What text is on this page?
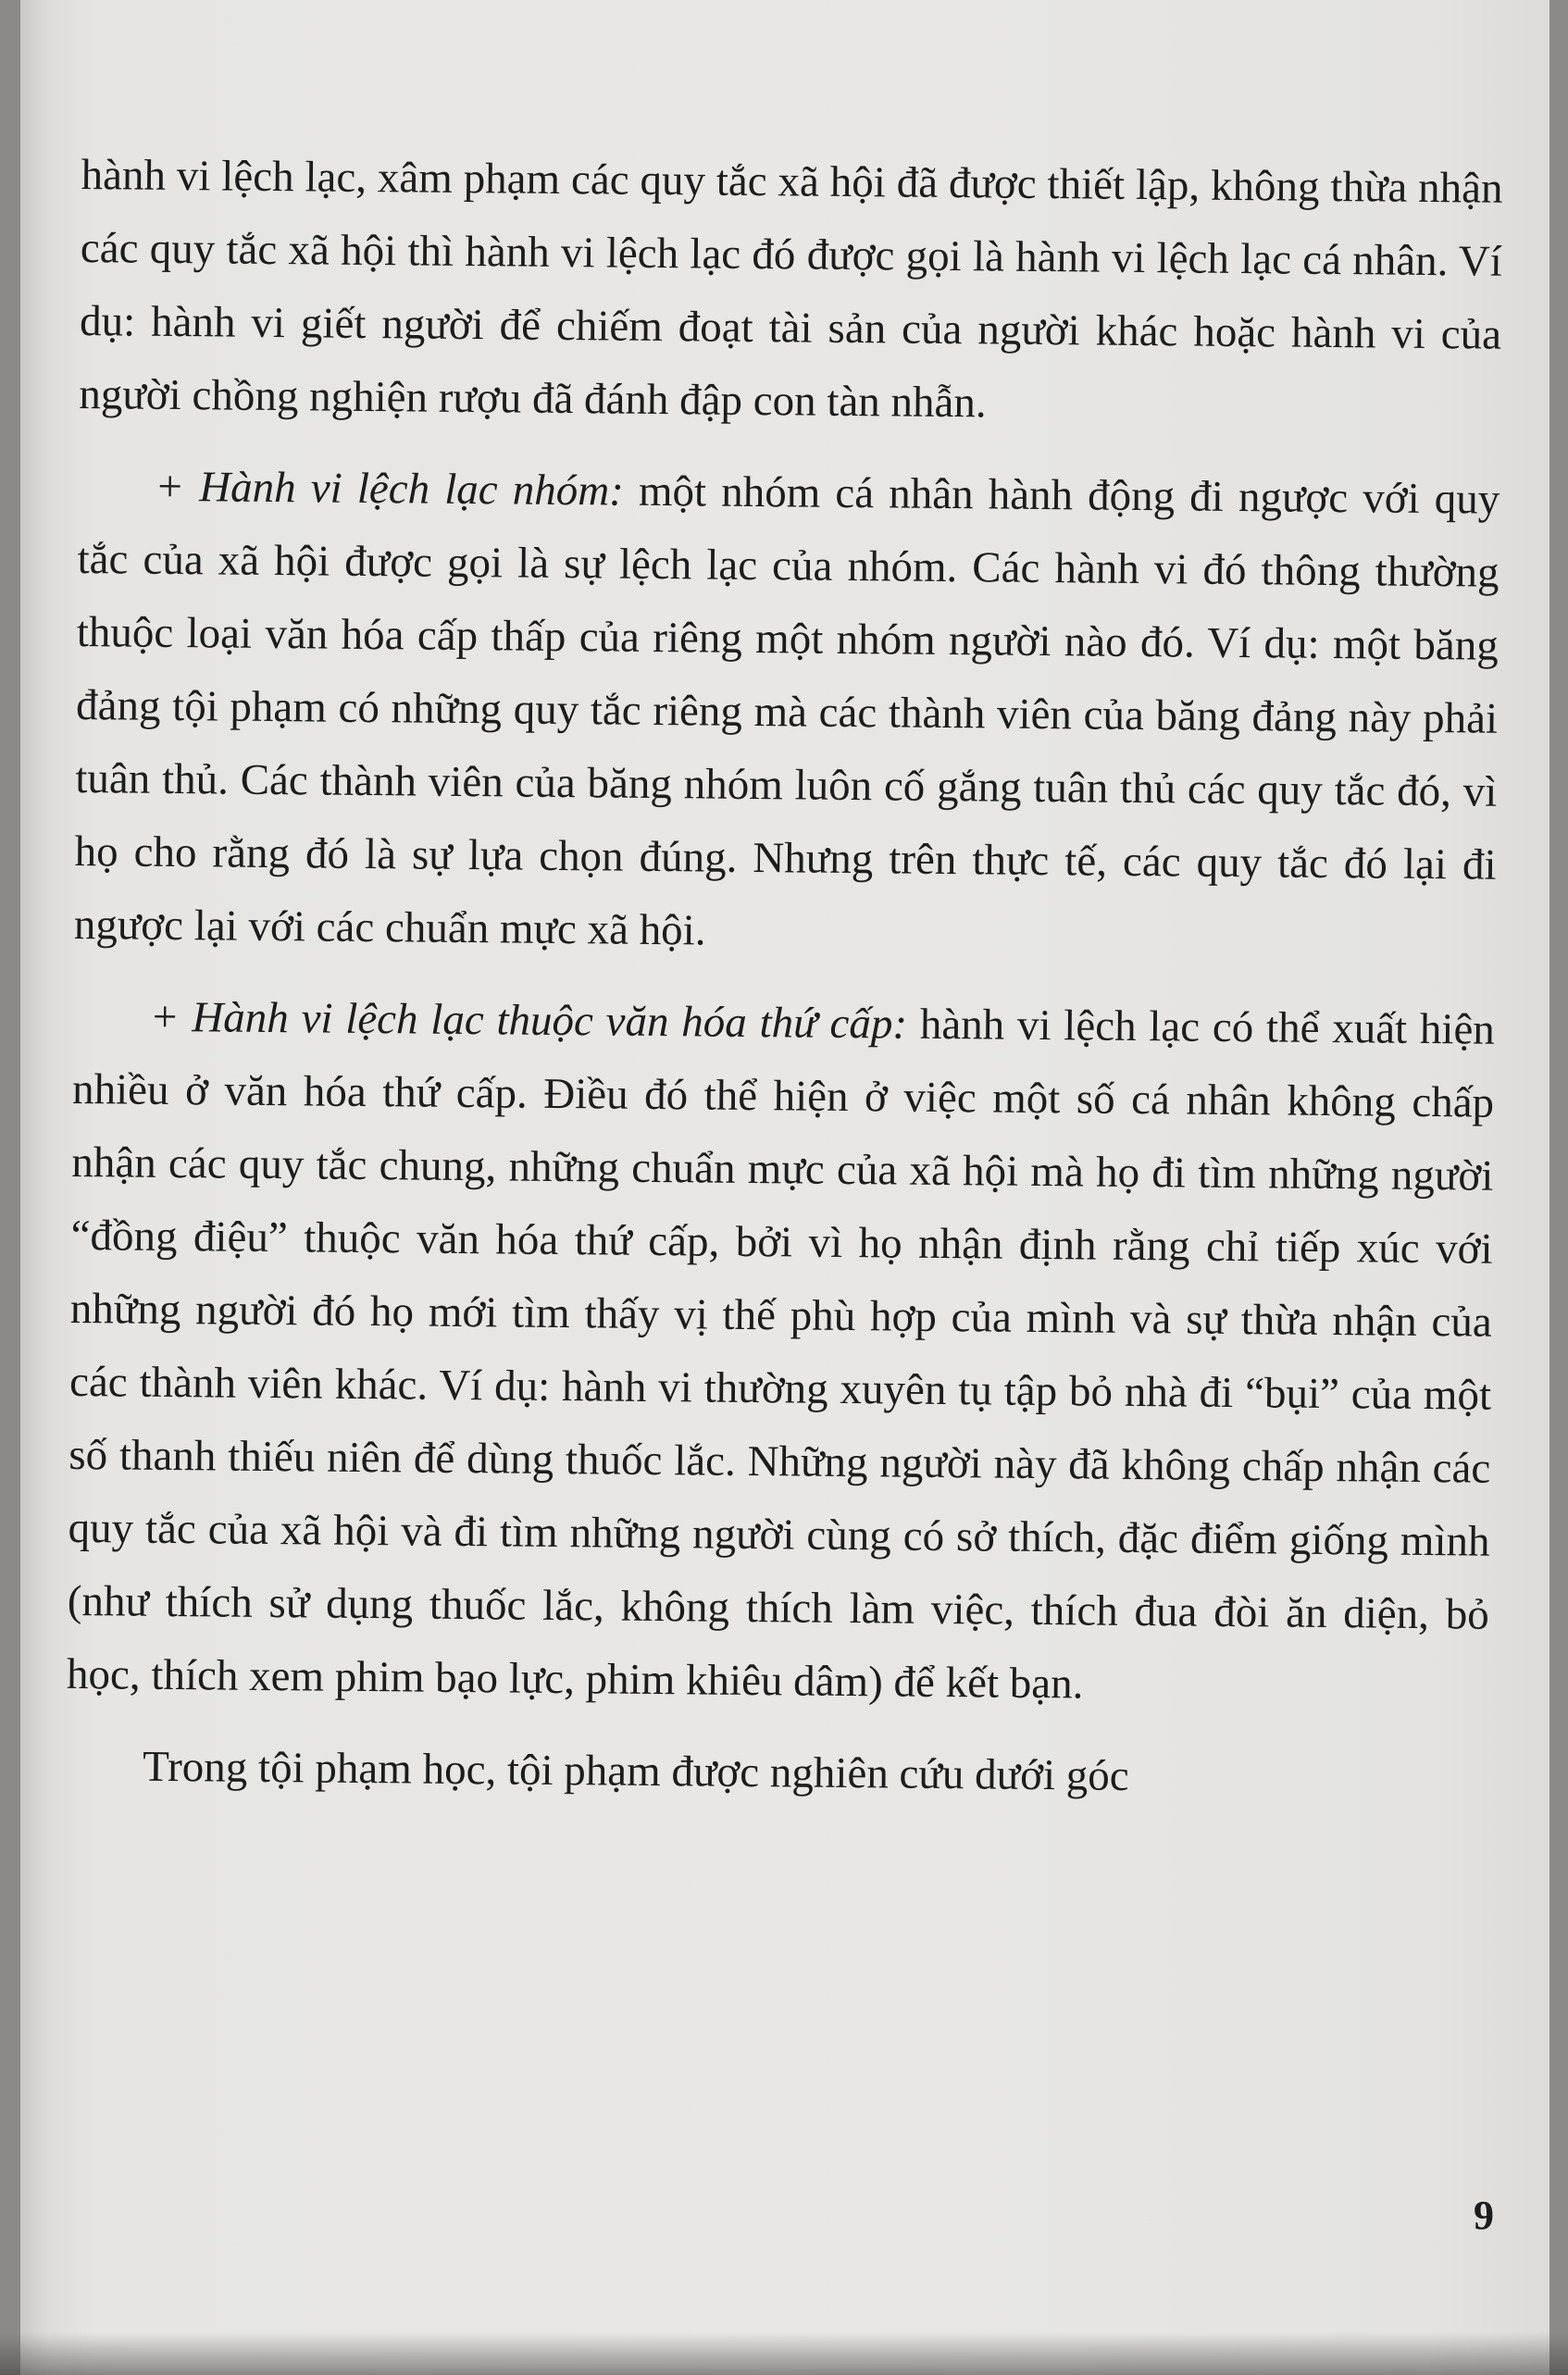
hành vi lệch lạc, xâm phạm các quy tắc xã hội đã được thiết lập, không thừa nhận các quy tắc xã hội thì hành vi lệch lạc đó được gọi là hành vi lệch lạc cá nhân. Ví dụ: hành vi giết người để chiếm đoạt tài sản của người khác hoặc hành vi của người chồng nghiện rượu đã đánh đập con tàn nhẫn.

+ Hành vi lệch lạc nhóm: một nhóm cá nhân hành động đi ngược với quy tắc của xã hội được gọi là sự lệch lạc của nhóm. Các hành vi đó thông thường thuộc loại văn hóa cấp thấp của riêng một nhóm người nào đó. Ví dụ: một băng đảng tội phạm có những quy tắc riêng mà các thành viên của băng đảng này phải tuân thủ. Các thành viên của băng nhóm luôn cố gắng tuân thủ các quy tắc đó, vì họ cho rằng đó là sự lựa chọn đúng. Nhưng trên thực tế, các quy tắc đó lại đi ngược lại với các chuẩn mực xã hội.

+ Hành vi lệch lạc thuộc văn hóa thứ cấp: hành vi lệch lạc có thể xuất hiện nhiều ở văn hóa thứ cấp. Điều đó thể hiện ở việc một số cá nhân không chấp nhận các quy tắc chung, những chuẩn mực của xã hội mà họ đi tìm những người “đồng điệu” thuộc văn hóa thứ cấp, bởi vì họ nhận định rằng chỉ tiếp xúc với những người đó họ mới tìm thấy vị thế phù hợp của mình và sự thừa nhận của các thành viên khác. Ví dụ: hành vi thường xuyên tụ tập bỏ nhà đi “bụi” của một số thanh thiếu niên để dùng thuốc lắc. Những người này đã không chấp nhận các quy tắc của xã hội và đi tìm những người cùng có sở thích, đặc điểm giống mình (như thích sử dụng thuốc lắc, không thích làm việc, thích đua đòi ăn diện, bỏ học, thích xem phim bạo lực, phim khiêu dâm) để kết bạn.

Trong tội phạm học, tội phạm được nghiên cứu dưới góc

9
